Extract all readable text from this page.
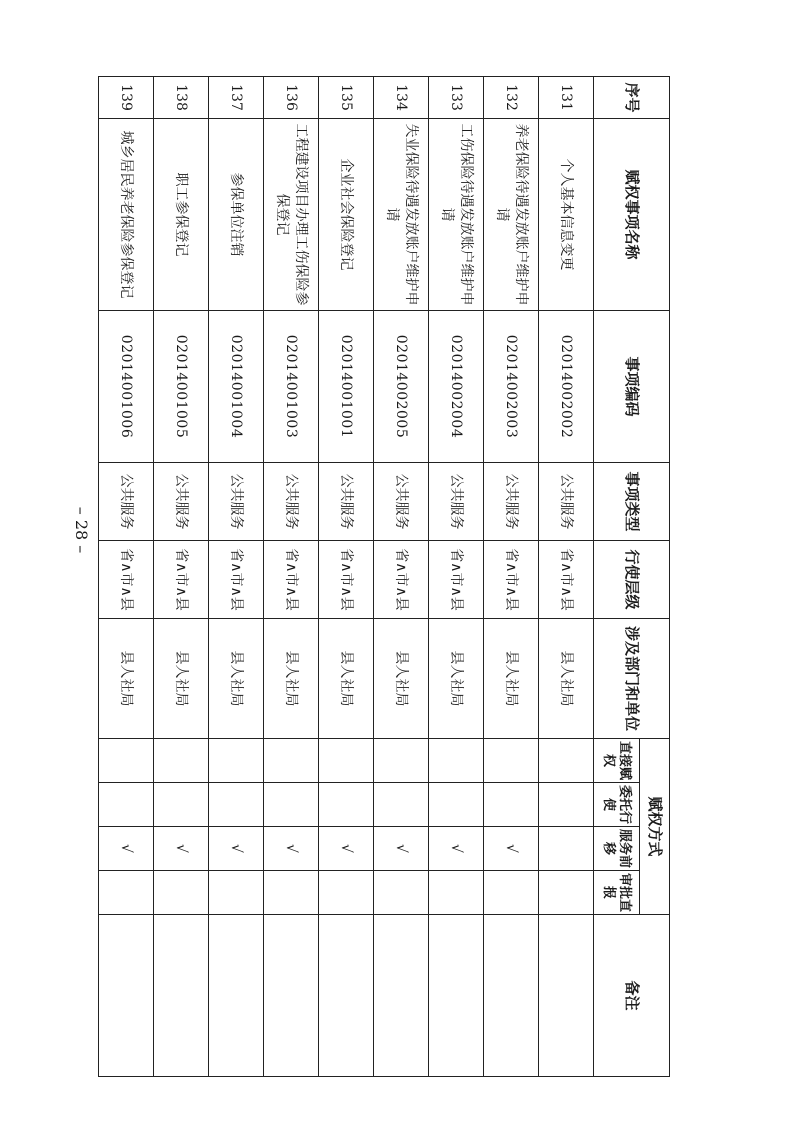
– 28 –
序号	赋权事项名称	事项编码	事项类型	行使层级	涉及部门和单位	赋权方式				备注
						直接赋权	委托行使	服务前移	审批直报	
131	个人基本信息变更	0201400200​2	公共服务	省∧市∧县	县人社局					
132	养老保险待遇发放账户维护申请	02014002003	公共服务	省∧市∧县	县人社局			√		
133	工伤保险待遇发放账户维护申请	02014002004	公共服务	省∧市∧县	县人社局			√		
134	失业保险待遇发放账户维护申请	02014002005	公共服务	省∧市∧县	县人社局			√		
135	企业社会保险登记	02014001001	公共服务	省∧市∧县	县人社局			√		
136	工程建设项目办理工伤保险参保登记	02014001003	公共服务	省∧市∧县	县人社局			√		
137	参保单位注销	02014001004	公共服务	省∧市∧县	县人社局			√		
138	职工参保登记	02014001005	公共服务	省∧市∧县	县人社局			√		
139	城乡居民养老保险参保登记	02014001006	公共服务	省∧市∧县	县人社局			√		
